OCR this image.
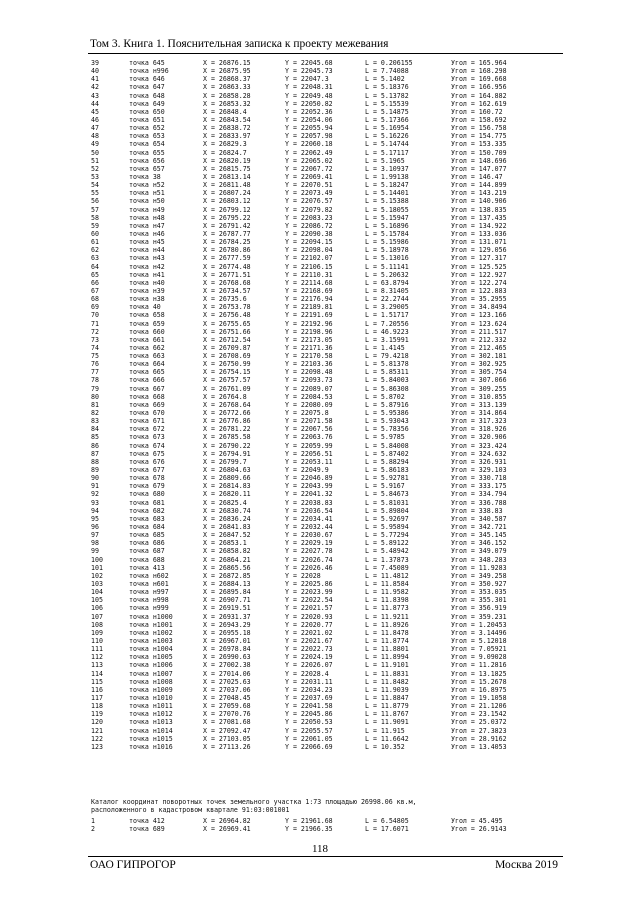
Том 3. Книга 1. Пояснительная записка к проекту межевания
39	точка 645	X = 26876.15	Y = 22045.68	L = 0.206155	Угол = 165.964
40	точка н996	X = 26875.95	Y = 22045.73	L = 7.74088	Угол = 168.298
41	точка 646	X = 26868.37	Y = 22047.3	L = 5.1402	Угол = 169.668
42	точка 647	X = 26863.33	Y = 22048.31	L = 5.18376	Угол = 166.956
43	точка 648	X = 26858.28	Y = 22049.48	L = 5.13782	Угол = 164.882
44	точка 649	X = 26853.32	Y = 22050.82	L = 5.15539	Угол = 162.619
45	точка 650	X = 26848.4	Y = 22052.36	L = 5.14875	Угол = 160.72
46	точка 651	X = 26843.54	Y = 22054.06	L = 5.17366	Угол = 158.692
47	точка 652	X = 26838.72	Y = 22055.94	L = 5.16954	Угол = 156.758
48	точка 653	X = 26833.97	Y = 22057.98	L = 5.16226	Угол = 154.775
49	точка 654	X = 26829.3	Y = 22060.18	L = 5.14744	Угол = 153.335
50	точка 655	X = 26824.7	Y = 22062.49	L = 5.17117	Угол = 150.709
51	точка 656	X = 26820.19	Y = 22065.02	L = 5.1965	Угол = 148.696
52	точка 657	X = 26815.75	Y = 22067.72	L = 3.10937	Угол = 147.077
53	точка 38	X = 26813.14	Y = 22069.41	L = 1.99138	Угол = 146.47
54	точка н52	X = 26811.48	Y = 22070.51	L = 5.18247	Угол = 144.899
55	точка н51	X = 26807.24	Y = 22073.49	L = 5.14401	Угол = 143.219
56	точка н50	X = 26803.12	Y = 22076.57	L = 5.15388	Угол = 140.906
57	точка н49	X = 26799.12	Y = 22079.82	L = 5.18055	Угол = 138.835
58	точка н48	X = 26795.22	Y = 22083.23	L = 5.15947	Угол = 137.435
59	точка н47	X = 26791.42	Y = 22086.72	L = 5.16896	Угол = 134.922
60	точка н46	X = 26787.77	Y = 22090.38	L = 5.15784	Угол = 133.036
61	точка н45	X = 26784.25	Y = 22094.15	L = 5.15986	Угол = 131.071
62	точка н44	X = 26780.86	Y = 22098.04	L = 5.18978	Угол = 129.056
63	точка н43	X = 26777.59	Y = 22102.07	L = 5.13016	Угол = 127.317
64	точка н42	X = 26774.48	Y = 22106.15	L = 5.11141	Угол = 125.525
65	точка н41	X = 26771.51	Y = 22110.31	L = 5.20632	Угол = 122.927
66	точка н40	X = 26768.68	Y = 22114.68	L = 63.8794	Угол = 122.274
67	точка н39	X = 26734.57	Y = 22168.69	L = 8.31405	Угол = 122.883
68	точка н38	X = 26735.6	Y = 22176.94	L = 22.2744	Угол = 35.2955
69	точка 40	X = 26753.78	Y = 22189.81	L = 3.29005	Угол = 34.8494
70	точка 658	X = 26756.48	Y = 22191.69	L = 1.51717	Угол = 123.166
71	точка 659	X = 26755.65	Y = 22192.96	L = 7.20556	Угол = 123.624
72	точка 660	X = 26751.66	Y = 22198.96	L = 46.9223	Угол = 211.517
73	точка 661	X = 26712.54	Y = 22173.05	L = 3.15991	Угол = 212.332
74	точка 662	X = 26709.87	Y = 22171.36	L = 1.4145	Угол = 212.465
75	точка 663	X = 26708.69	Y = 22170.58	L = 79.4218	Угол = 302.181
76	точка 664	X = 26750.99	Y = 22103.36	L = 5.81378	Угол = 302.925
77	точка 665	X = 26754.15	Y = 22098.48	L = 5.85311	Угол = 305.754
78	точка 666	X = 26757.57	Y = 22093.73	L = 5.84003	Угол = 307.066
79	точка 667	X = 26761.09	Y = 22089.07	L = 5.86308	Угол = 309.255
80	точка 668	X = 26764.8	Y = 22084.53	L = 5.8702	Угол = 310.855
81	точка 669	X = 26768.64	Y = 22080.09	L = 5.87916	Угол = 313.139
82	точка 670	X = 26772.66	Y = 22075.8	L = 5.95386	Угол = 314.864
83	точка 671	X = 26776.86	Y = 22071.58	L = 5.93043	Угол = 317.323
84	точка 672	X = 26781.22	Y = 22067.56	L = 5.78356	Угол = 318.926
85	точка 673	X = 26785.58	Y = 22063.76	L = 5.9785	Угол = 320.906
86	точка 674	X = 26790.22	Y = 22059.99	L = 5.84008	Угол = 323.424
87	точка 675	X = 26794.91	Y = 22056.51	L = 5.87402	Угол = 324.632
88	точка 676	X = 26799.7	Y = 22053.11	L = 5.88294	Угол = 326.931
89	точка 677	X = 26804.63	Y = 22049.9	L = 5.86183	Угол = 329.103
90	точка 678	X = 26809.66	Y = 22046.89	L = 5.92781	Угол = 330.718
91	точка 679	X = 26814.83	Y = 22043.99	L = 5.9167	Угол = 333.175
92	точка 680	X = 26820.11	Y = 22041.32	L = 5.84673	Угол = 334.794
93	точка 681	X = 26825.4	Y = 22038.83	L = 5.81031	Угол = 336.788
94	точка 682	X = 26830.74	Y = 22036.54	L = 5.89804	Угол = 338.83
95	точка 683	X = 26836.24	Y = 22034.41	L = 5.92697	Угол = 340.587
96	точка 684	X = 26841.83	Y = 22032.44	L = 5.95894	Угол = 342.721
97	точка 685	X = 26847.52	Y = 22030.67	L = 5.77294	Угол = 345.145
98	точка 686	X = 26853.1	Y = 22029.19	L = 5.89122	Угол = 346.152
99	точка 687	X = 26858.82	Y = 22027.78	L = 5.48942	Угол = 349.079
100	точка 688	X = 26864.21	Y = 22026.74	L = 1.37873	Угол = 348.283
101	точка 413	X = 26865.56	Y = 22026.46	L = 7.45089	Угол = 11.9283
102	точка н602	X = 26872.85	Y = 22028	L = 11.4812	Угол = 349.258
103	точка н601	X = 26884.13	Y = 22025.86	L = 11.8584	Угол = 350.927
104	точка н997	X = 26895.84	Y = 22023.99	L = 11.9582	Угол = 353.035
105	точка н998	X = 26907.71	Y = 22022.54	L = 11.8398	Угол = 355.301
106	точка н999	X = 26919.51	Y = 22021.57	L = 11.8773	Угол = 356.919
107	точка н1000	X = 26931.37	Y = 22020.93	L = 11.9211	Угол = 359.231
108	точка н1001	X = 26943.29	Y = 22020.77	L = 11.8926	Угол = 1.20453
109	точка н1002	X = 26955.18	Y = 22021.02	L = 11.8478	Угол = 3.14496
110	точка н1003	X = 26967.01	Y = 22021.67	L = 11.8774	Угол = 5.12018
111	точка н1004	X = 26978.84	Y = 22022.73	L = 11.8801	Угол = 7.05921
112	точка н1005	X = 26990.63	Y = 22024.19	L = 11.8994	Угол = 9.09028
113	точка н1006	X = 27002.38	Y = 22026.07	L = 11.9101	Угол = 11.2816
114	точка н1007	X = 27014.06	Y = 22028.4	L = 11.8831	Угол = 13.1825
115	точка н1008	X = 27025.63	Y = 22031.11	L = 11.8482	Угол = 15.2678
116	точка н1009	X = 27037.06	Y = 22034.23	L = 11.9039	Угол = 16.8975
117	точка н1010	X = 27048.45	Y = 22037.69	L = 11.8847	Угол = 19.1058
118	точка н1011	X = 27059.68	Y = 22041.58	L = 11.8779	Угол = 21.1206
119	точка н1012	X = 27070.76	Y = 22045.86	L = 11.8767	Угол = 23.1542
120	точка н1013	X = 27081.68	Y = 22050.53	L = 11.9091	Угол = 25.0372
121	точка н1014	X = 27092.47	Y = 22055.57	L = 11.915	Угол = 27.3823
122	точка н1015	X = 27103.05	Y = 22061.05	L = 11.6642	Угол = 28.9162
123	точка н1016	X = 27113.26	Y = 22066.69	L = 10.352	Угол = 13.4053
Каталог координат поворотных точек земельного участка 1:73 площадью 26998.06 кв.м,
расположенного в кадастровом квартале 91:03:001001
1	точка 412	X = 26964.82	Y = 21961.68	L = 6.54805	Угол = 45.495
2	точка 689	X = 26969.41	Y = 21966.35	L = 17.6071	Угол = 26.9143
118
ОАО ГИПРОГОР	Москва 2019
